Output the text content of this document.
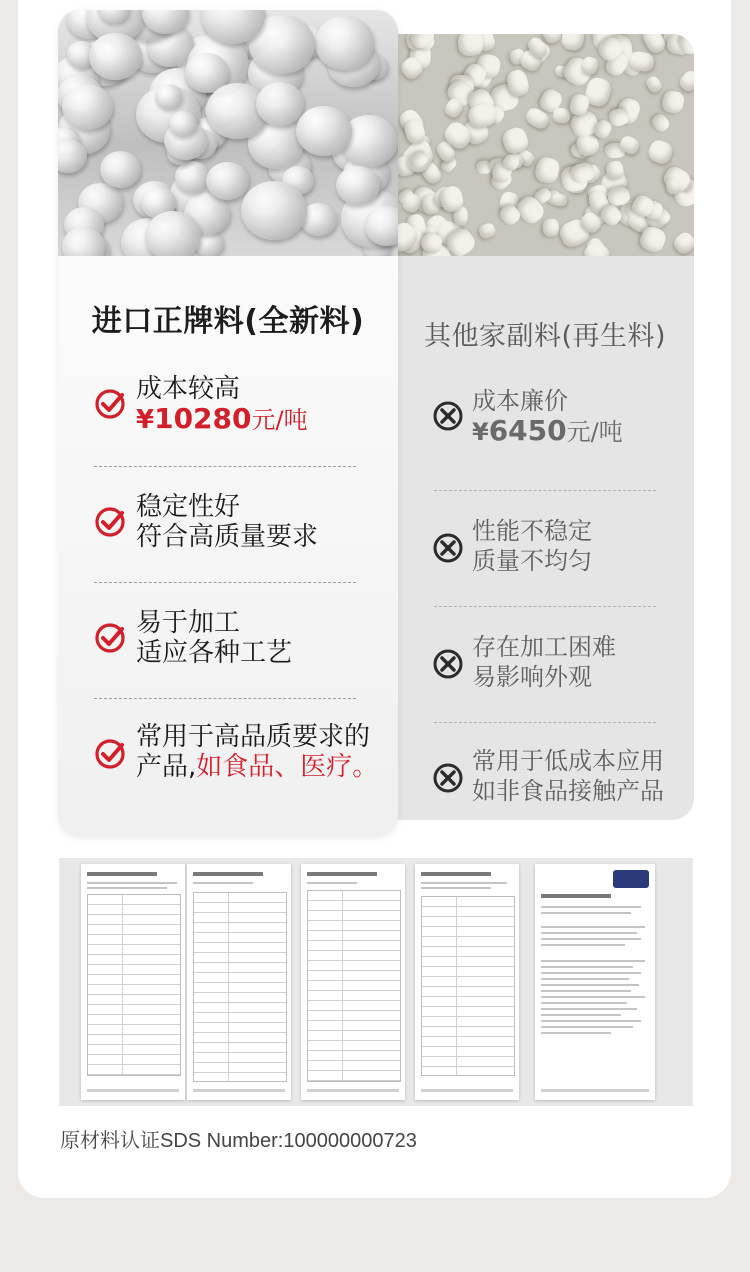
其他家副料(再生料)
成本廉价
¥6450元/吨
性能不稳定
质量不均匀
存在加工困难
易影响外观
常用于低成本应用
如非食品接触产品
进口正牌料(全新料)
成本较高
¥10280元/吨
稳定性好
符合高质量要求
易于加工
适应各种工艺
常用于高品质要求的
产品,如食品、医疗。
原材料认证SDS Number:100000000723
